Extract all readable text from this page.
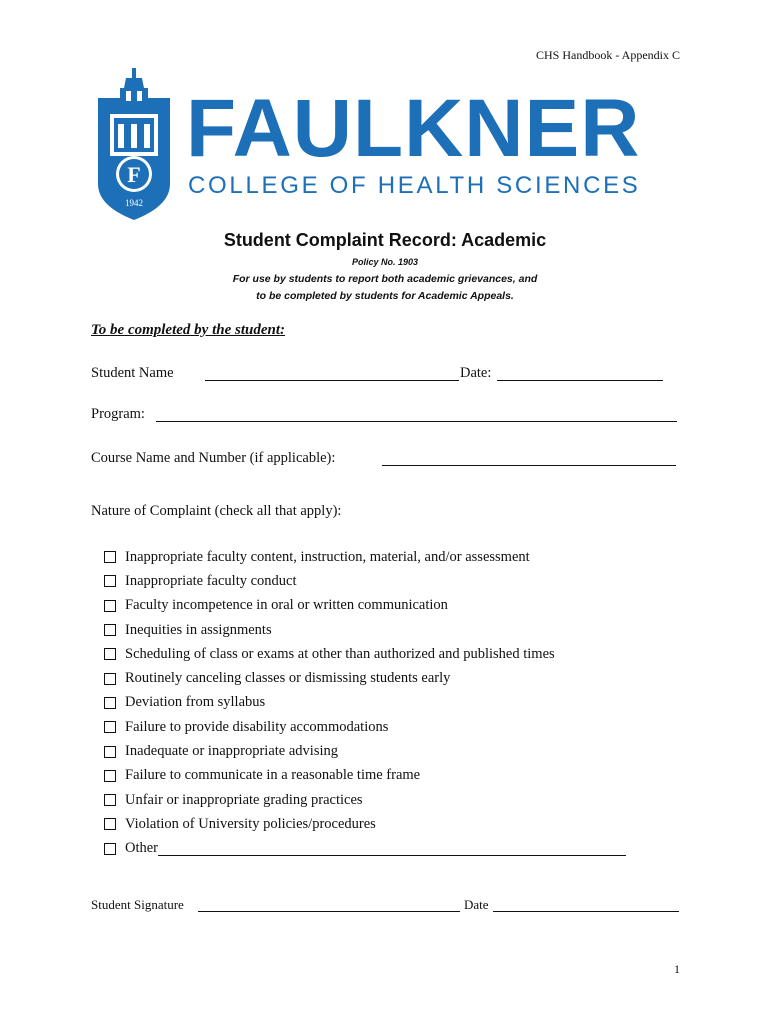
CHS Handbook - Appendix C
F
1942
FAULKNER
COLLEGE OF HEALTH SCIENCES
Student Complaint Record: Academic
Policy No. 1903
For use by students to report both academic grievances, and
to be completed by students for Academic Appeals.
To be completed by the student:
Student Name	Date:
Program:
Course Name and Number (if applicable):
Nature of Complaint (check all that apply):
Inappropriate faculty content, instruction, material, and/or assessment
Inappropriate faculty conduct
Faculty incompetence in oral or written communication
Inequities in assignments
Scheduling of class or exams at other than authorized and published times
Routinely canceling classes or dismissing students early
Deviation from syllabus
Failure to provide disability accommodations
Inadequate or inappropriate advising
Failure to communicate in a reasonable time frame
Unfair or inappropriate grading practices
Violation of University policies/procedures
Other
Student Signature	Date
1
